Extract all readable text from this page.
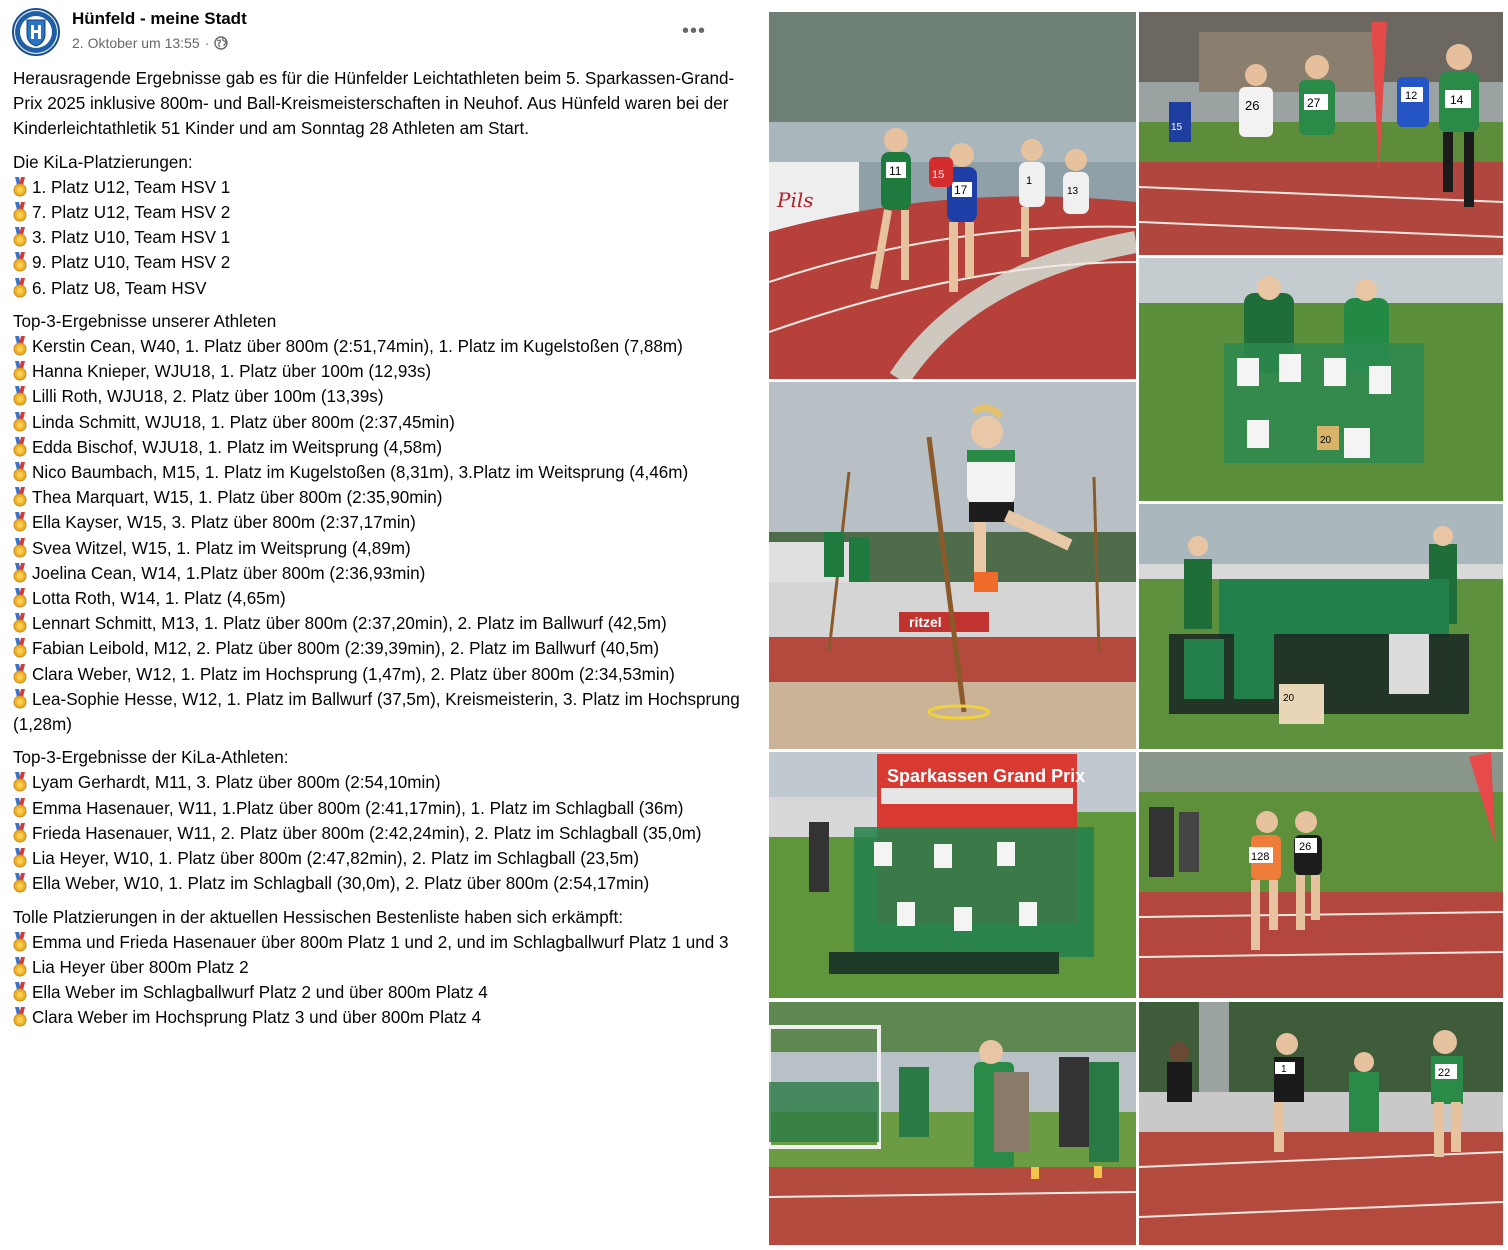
Hünfeld - meine Stadt
2. Oktober um 13:55 ·
•••

Herausragende Ergebnisse gab es für die Hünfelder Leichtathleten beim 5. Sparkassen-Grand-Prix 2025 inklusive 800m- und Ball-Kreismeisterschaften in Neuhof. Aus Hünfeld waren bei der Kinderleichtathletik 51 Kinder und am Sonntag 28 Athleten am Start.

Die KiLa-Platzierungen:

1. Platz U12, Team HSV 1

7. Platz U12, Team HSV 2

3. Platz U10, Team HSV 1

9. Platz U10, Team HSV 2

6. Platz U8, Team HSV

Top-3-Ergebnisse unserer Athleten

Kerstin Cean, W40, 1. Platz über 800m (2:51,74min), 1. Platz im Kugelstoßen (7,88m)

Hanna Knieper, WJU18, 1. Platz über 100m (12,93s)

Lilli Roth, WJU18, 2. Platz über 100m (13,39s)

Linda Schmitt, WJU18, 1. Platz über 800m (2:37,45min)

Edda Bischof, WJU18, 1. Platz im Weitsprung (4,58m)

Nico Baumbach, M15, 1. Platz im Kugelstoßen (8,31m), 3.Platz im Weitsprung (4,46m)

Thea Marquart, W15, 1. Platz über 800m (2:35,90min)

Ella Kayser, W15, 3. Platz über 800m (2:37,17min)

Svea Witzel, W15, 1. Platz im Weitsprung (4,89m)

Joelina Cean, W14, 1.Platz über 800m (2:36,93min)

Lotta Roth, W14, 1. Platz (4,65m)

Lennart Schmitt, M13, 1. Platz über 800m (2:37,20min), 2. Platz im Ballwurf (42,5m)

Fabian Leibold, M12, 2. Platz über 800m (2:39,39min), 2. Platz im Ballwurf (40,5m)

Clara Weber, W12, 1. Platz im Hochsprung (1,47m), 2. Platz über 800m (2:34,53min)

Lea-Sophie Hesse, W12, 1. Platz im Ballwurf (37,5m), Kreismeisterin, 3. Platz im Hochsprung (1,28m)

Top-3-Ergebnisse der KiLa-Athleten:

Lyam Gerhardt, M11, 3. Platz über 800m (2:54,10min)

Emma Hasenauer, W11, 1.Platz über 800m (2:41,17min), 1. Platz im Schlagball (36m)

Frieda Hasenauer, W11, 2. Platz über 800m (2:42,24min), 2. Platz im Schlagball (35,0m)

Lia Heyer, W10, 1. Platz über 800m (2:47,82min), 2. Platz im Schlagball (23,5m)

Ella Weber, W10, 1. Platz im Schlagball (30,0m), 2. Platz über 800m (2:54,17min)

Tolle Platzierungen in der aktuellen Hessischen Bestenliste haben sich erkämpft:

Emma und Frieda Hasenauer über 800m Platz 1 und 2, und im Schlagballwurf Platz 1 und 3

Lia Heyer über 800m Platz 2

Ella Weber im Schlagballwurf Platz 2 und über 800m Platz 4

Clara Weber im Hochsprung Platz 3 und über 800m Platz 4

Pils
11
17
15	1
13
15
26	27	12	14
20
ritzel
20
Sparkassen Grand Prix
128
26
1	22
